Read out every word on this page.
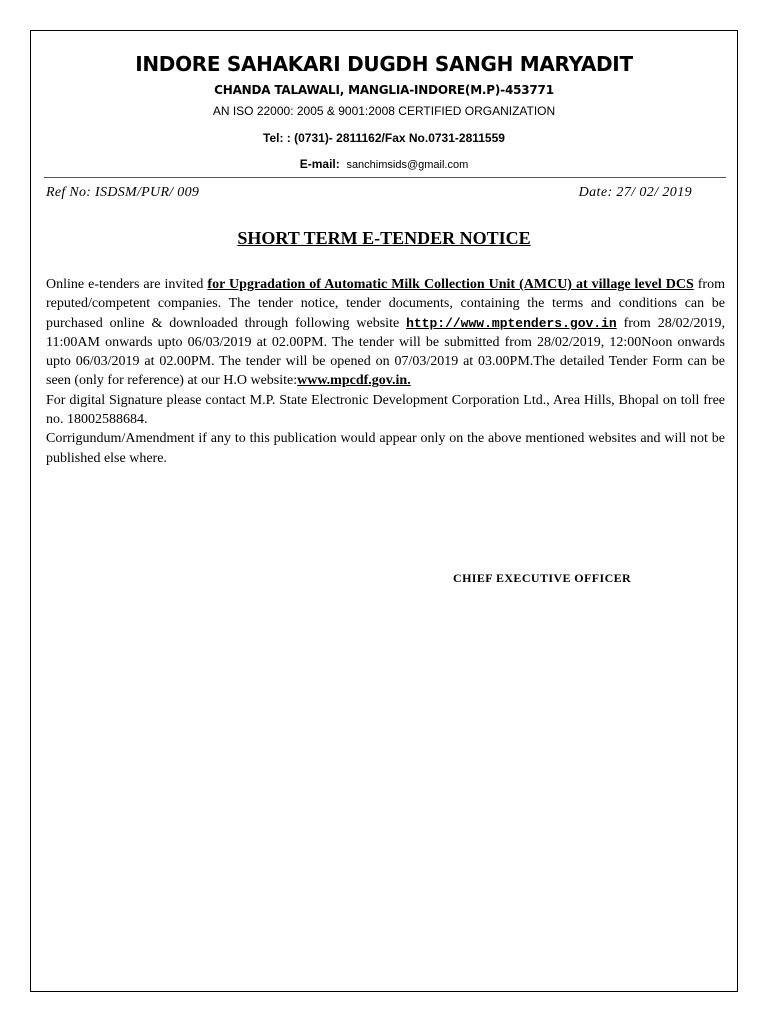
INDORE SAHAKARI DUGDH SANGH MARYADIT
CHANDA TALAWALI, MANGLIA-INDORE(M.P)-453771
AN ISO 22000: 2005 & 9001:2008 CERTIFIED ORGANIZATION
Tel: : (0731)- 2811162/Fax No.0731-2811559
E-mail: sanchimsids@gmail.com
Ref No: ISDSM/PUR/ 009	Date: 27/ 02/ 2019
SHORT TERM E-TENDER NOTICE

Online e-tenders are invited for Upgradation of Automatic Milk Collection Unit (AMCU) at village level DCS from reputed/competent companies. The tender notice, tender documents, containing the terms and conditions can be purchased online & downloaded through following website http://www.mptenders.gov.in from 28/02/2019, 11:00AM onwards upto 06/03/2019 at 02.00PM. The tender will be submitted from 28/02/2019, 12:00Noon onwards upto 06/03/2019 at 02.00PM. The tender will be opened on 07/03/2019 at 03.00PM.The detailed Tender Form can be seen (only for reference) at our H.O website:www.mpcdf.gov.in.

For digital Signature please contact M.P. State Electronic Development Corporation Ltd., Area Hills, Bhopal on toll free no. 18002588684.

Corrigundum/Amendment if any to this publication would appear only on the above mentioned websites and will not be published else where.

CHIEF EXECUTIVE OFFICER
